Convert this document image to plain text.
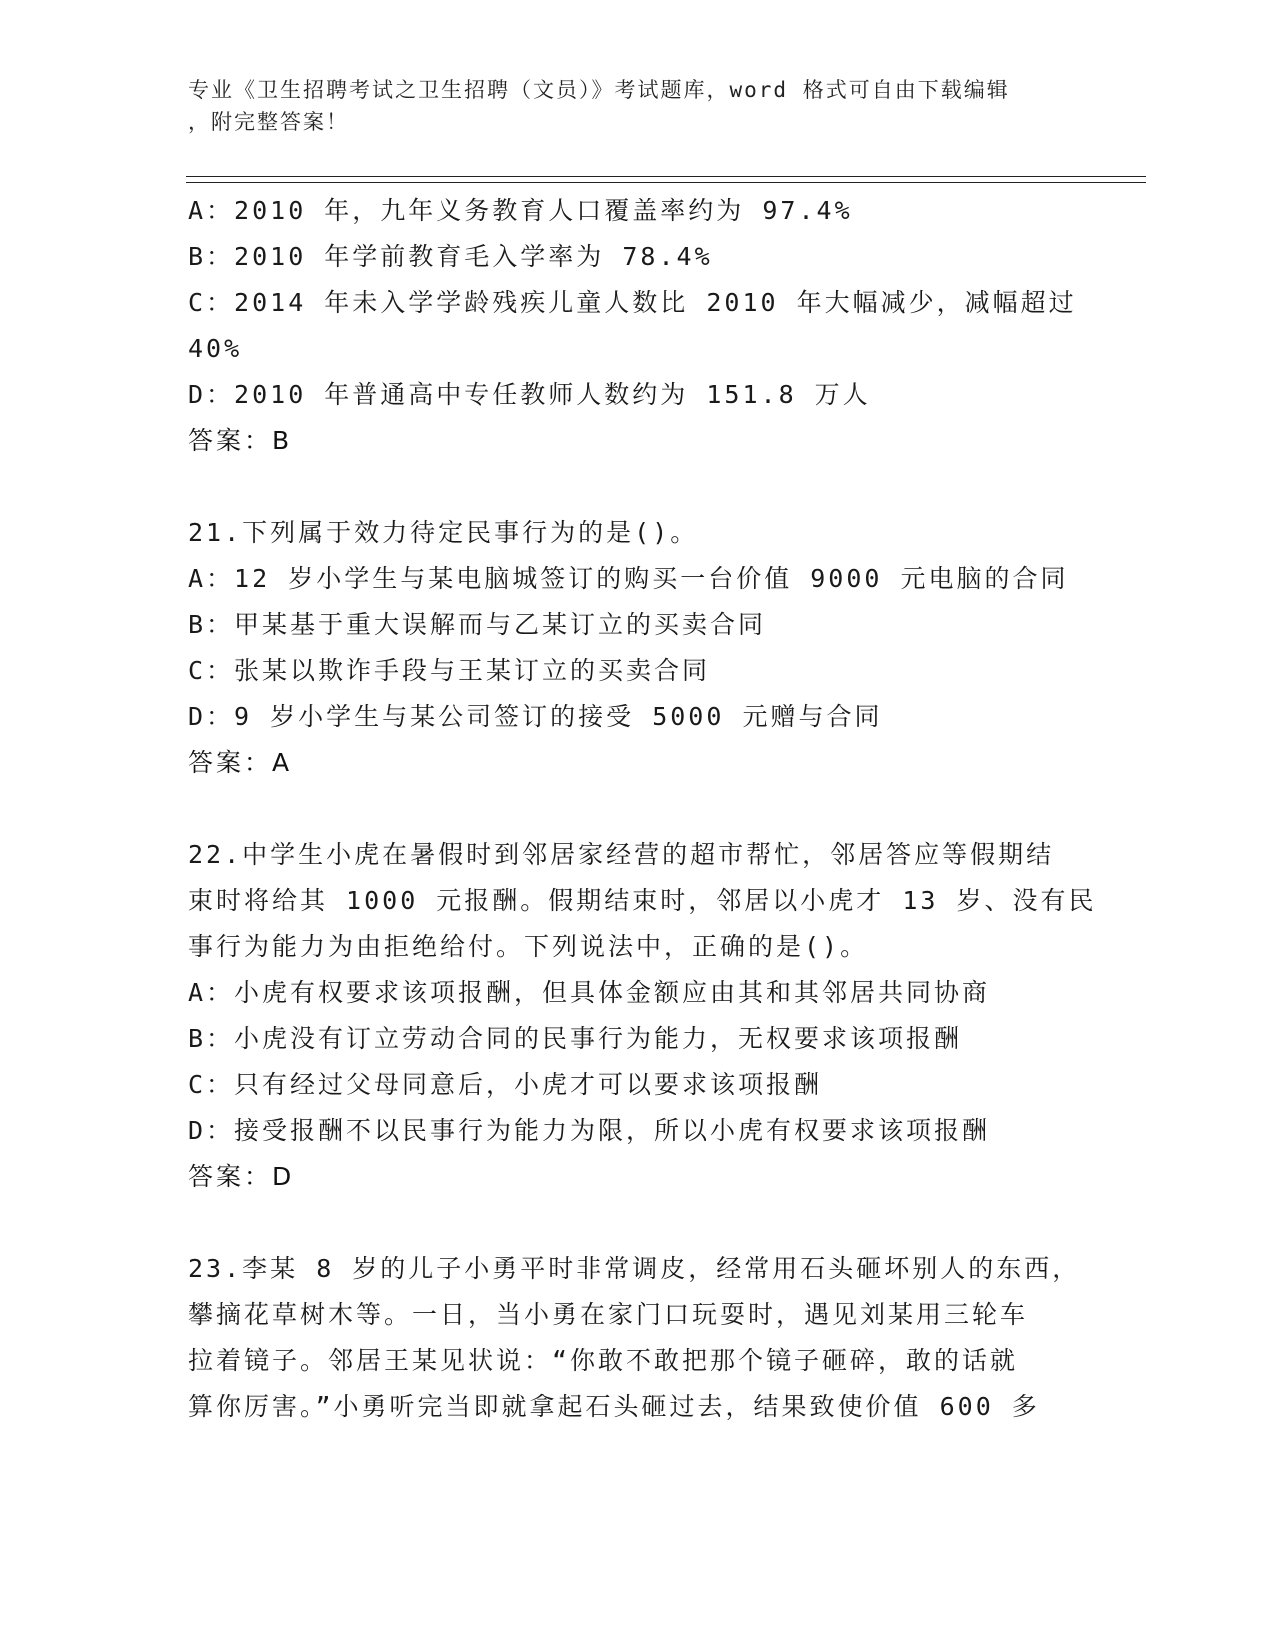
专业《卫生招聘考试之卫生招聘（文员）》考试题库，word 格式可自由下载编辑
，附完整答案！
A：2010 年，九年义务教育人口覆盖率约为 97.4%
B：2010 年学前教育毛入学率为 78.4%
C：2014 年未入学学龄残疾儿童人数比 2010 年大幅减少，减幅超过
40%
D：2010 年普通高中专任教师人数约为 151.8 万人
答案：B
21.下列属于效力待定民事行为的是()。
A：12 岁小学生与某电脑城签订的购买一台价值 9000 元电脑的合同
B：甲某基于重大误解而与乙某订立的买卖合同
C：张某以欺诈手段与王某订立的买卖合同
D：9 岁小学生与某公司签订的接受 5000 元赠与合同
答案：A
22.中学生小虎在暑假时到邻居家经营的超市帮忙，邻居答应等假期结
束时将给其 1000 元报酬。假期结束时，邻居以小虎才 13 岁、没有民
事行为能力为由拒绝给付。下列说法中，正确的是()。
A：小虎有权要求该项报酬，但具体金额应由其和其邻居共同协商
B：小虎没有订立劳动合同的民事行为能力，无权要求该项报酬
C：只有经过父母同意后，小虎才可以要求该项报酬
D：接受报酬不以民事行为能力为限，所以小虎有权要求该项报酬
答案：D
23.李某 8 岁的儿子小勇平时非常调皮，经常用石头砸坏别人的东西，
攀摘花草树木等。一日，当小勇在家门口玩耍时，遇见刘某用三轮车
拉着镜子。邻居王某见状说：“你敢不敢把那个镜子砸碎，敢的话就
算你厉害。”小勇听完当即就拿起石头砸过去，结果致使价值 600 多
